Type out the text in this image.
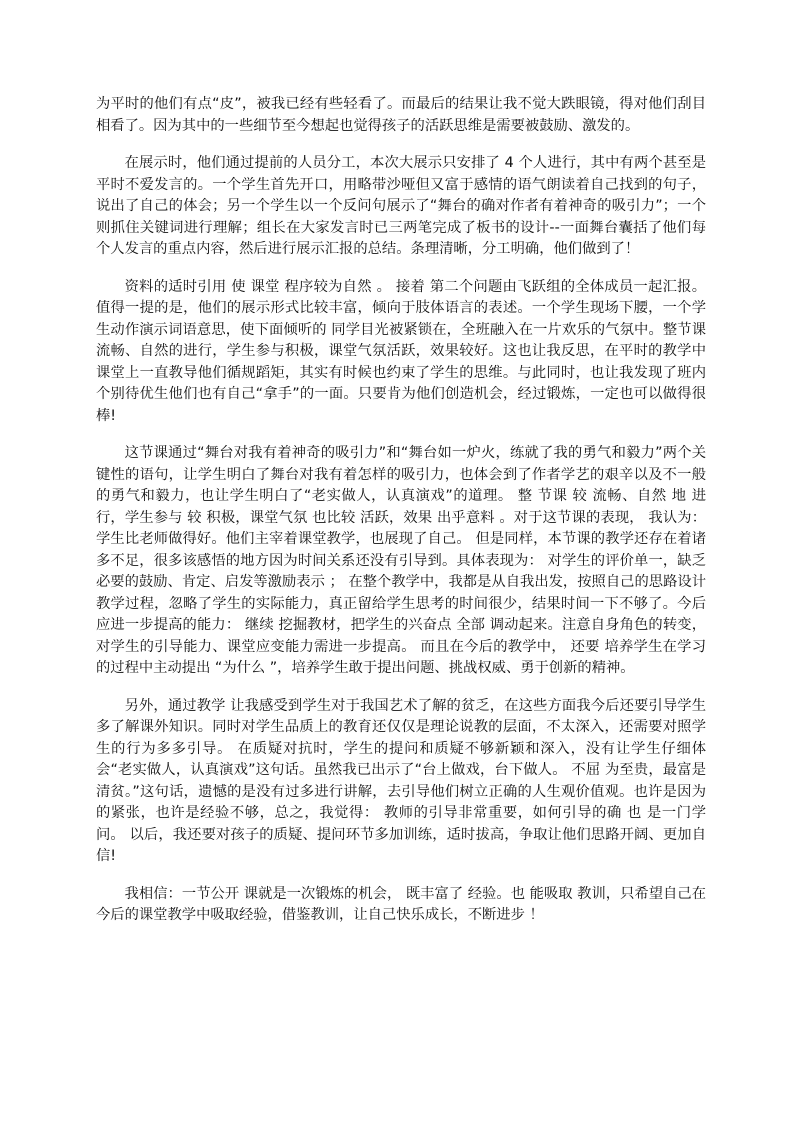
为平时的他们有点“皮”，被我已经有些轻看了。而最后的结果让我不觉大跌眼镜，得对他们刮目相看了。因为其中的一些细节至今想起也觉得孩子的活跃思维是需要被鼓励、激发的。

在展示时，他们通过提前的人员分工，本次大展示只安排了 4 个人进行，其中有两个甚至是平时不爱发言的。一个学生首先开口，用略带沙哑但又富于感情的语气朗读着自己找到的句子，说出了自己的体会；另一个学生以一个反问句展示了“舞台的确对作者有着神奇的吸引力”；一个则抓住关键词进行理解；组长在大家发言时已三两笔完成了板书的设计--一面舞台囊括了他们每个人发言的重点内容，然后进行展示汇报的总结。条理清晰，分工明确，他们做到了！

资料的适时引用 使 课堂 程序较为自然 。 接着 第二个问题由飞跃组的全体成员一起汇报。值得一提的是，他们的展示形式比较丰富，倾向于肢体语言的表述。一个学生现场下腰，一个学生动作演示词语意思，使下面倾听的 同学目光被紧锁在，全班融入在一片欢乐的气氛中。整节课流畅、自然的进行，学生参与积极，课堂气氛活跃，效果较好。这也让我反思，在平时的教学中课堂上一直教导他们循规蹈矩，其实有时候也约束了学生的思维。与此同时，也让我发现了班内个别待优生他们也有自己“拿手”的一面。只要肯为他们创造机会，经过锻炼，一定也可以做得很棒!

这节课通过“舞台对我有着神奇的吸引力”和“舞台如一炉火，练就了我的勇气和毅力”两个关键性的语句，让学生明白了舞台对我有着怎样的吸引力，也体会到了作者学艺的艰辛以及不一般的勇气和毅力，也让学生明白了“老实做人，认真演戏”的道理。 整 节课 较 流畅、自然 地 进行，学生参与 较 积极，课堂气氛 也比较 活跃，效果 出乎意料 。对于这节课的表现， 我认为： 学生比老师做得好。他们主宰着课堂教学，也展现了自己。 但是同样，本节课的教学还存在着诸多不足，很多该感悟的地方因为时间关系还没有引导到。具体表现为： 对学生的评价单一，缺乏必要的鼓励、肯定、启发等激励表示 ； 在整个教学中，我都是从自我出发，按照自己的思路设计教学过程，忽略了学生的实际能力，真正留给学生思考的时间很少，结果时间一下不够了。今后应进一步提高的能力： 继续 挖掘教材，把学生的兴奋点 全部 调动起来。注意自身角色的转变，对学生的引导能力、课堂应变能力需进一步提高。 而且在今后的教学中， 还要 培养学生在学习的过程中主动提出 “为什么 ”，培养学生敢于提出问题、挑战权威、勇于创新的精神。

另外，通过教学 让我感受到学生对于我国艺术了解的贫乏，在这些方面我今后还要引导学生多了解课外知识。同时对学生品质上的教育还仅仅是理论说教的层面，不太深入，还需要对照学生的行为多多引导。 在质疑对抗时，学生的提问和质疑不够新颖和深入，没有让学生仔细体会“老实做人，认真演戏”这句话。虽然我已出示了“台上做戏，台下做人。 不屈 为至贵，最富是清贫。”这句话，遗憾的是没有过多进行讲解，去引导他们树立正确的人生观价值观。也许是因为的紧张，也许是经验不够，总之，我觉得： 教师的引导非常重要，如何引导的确 也 是一门学问。 以后，我还要对孩子的质疑、提问环节多加训练，适时拔高，争取让他们思路开阔、更加自信!

我相信：一节公开 课就是一次锻炼的机会， 既丰富了 经验。也 能吸取 教训，只希望自己在今后的课堂教学中吸取经验，借鉴教训，让自己快乐成长，不断进步 ！
